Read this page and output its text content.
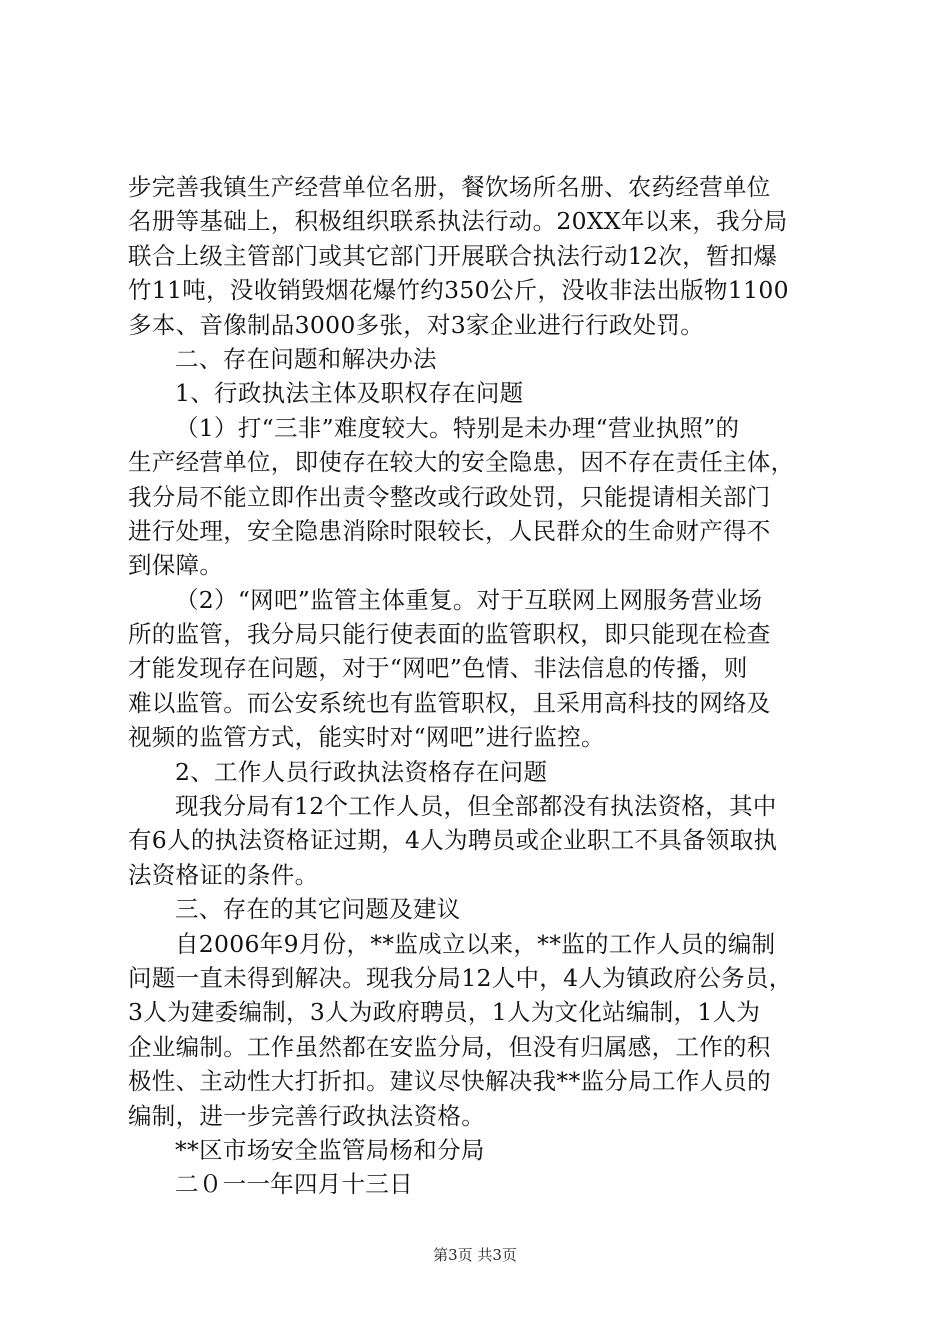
步完善我镇生产经营单位名册，餐饮场所名册、农药经营单位
名册等基础上，积极组织联系执法行动。20XX年以来，我分局
联合上级主管部门或其它部门开展联合执法行动12次，暂扣爆
竹11吨，没收销毁烟花爆竹约350公斤，没收非法出版物1100
多本、音像制品3000多张，对3家企业进行行政处罚。
二、存在问题和解决办法
1、行政执法主体及职权存在问题
（1）打“三非”难度较大。特别是未办理“营业执照”的
生产经营单位，即使存在较大的安全隐患，因不存在责任主体，
我分局不能立即作出责令整改或行政处罚，只能提请相关部门
进行处理，安全隐患消除时限较长，人民群众的生命财产得不
到保障。
（2）“网吧”监管主体重复。对于互联网上网服务营业场
所的监管，我分局只能行使表面的监管职权，即只能现在检查
才能发现存在问题，对于“网吧”色情、非法信息的传播，则
难以监管。而公安系统也有监管职权，且采用高科技的网络及
视频的监管方式，能实时对“网吧”进行监控。
2、工作人员行政执法资格存在问题
现我分局有12个工作人员，但全部都没有执法资格，其中
有6人的执法资格证过期，4人为聘员或企业职工不具备领取执
法资格证的条件。
三、存在的其它问题及建议
自2006年9月份，**监成立以来，**监的工作人员的编制
问题一直未得到解决。现我分局12人中，4人为镇政府公务员，
3人为建委编制，3人为政府聘员，1人为文化站编制，1人为
企业编制。工作虽然都在安监分局，但没有归属感，工作的积
极性、主动性大打折扣。建议尽快解决我**监分局工作人员的
编制，进一步完善行政执法资格。
**区市场安全监管局杨和分局
二０一一年四月十三日
第3页 共3页
